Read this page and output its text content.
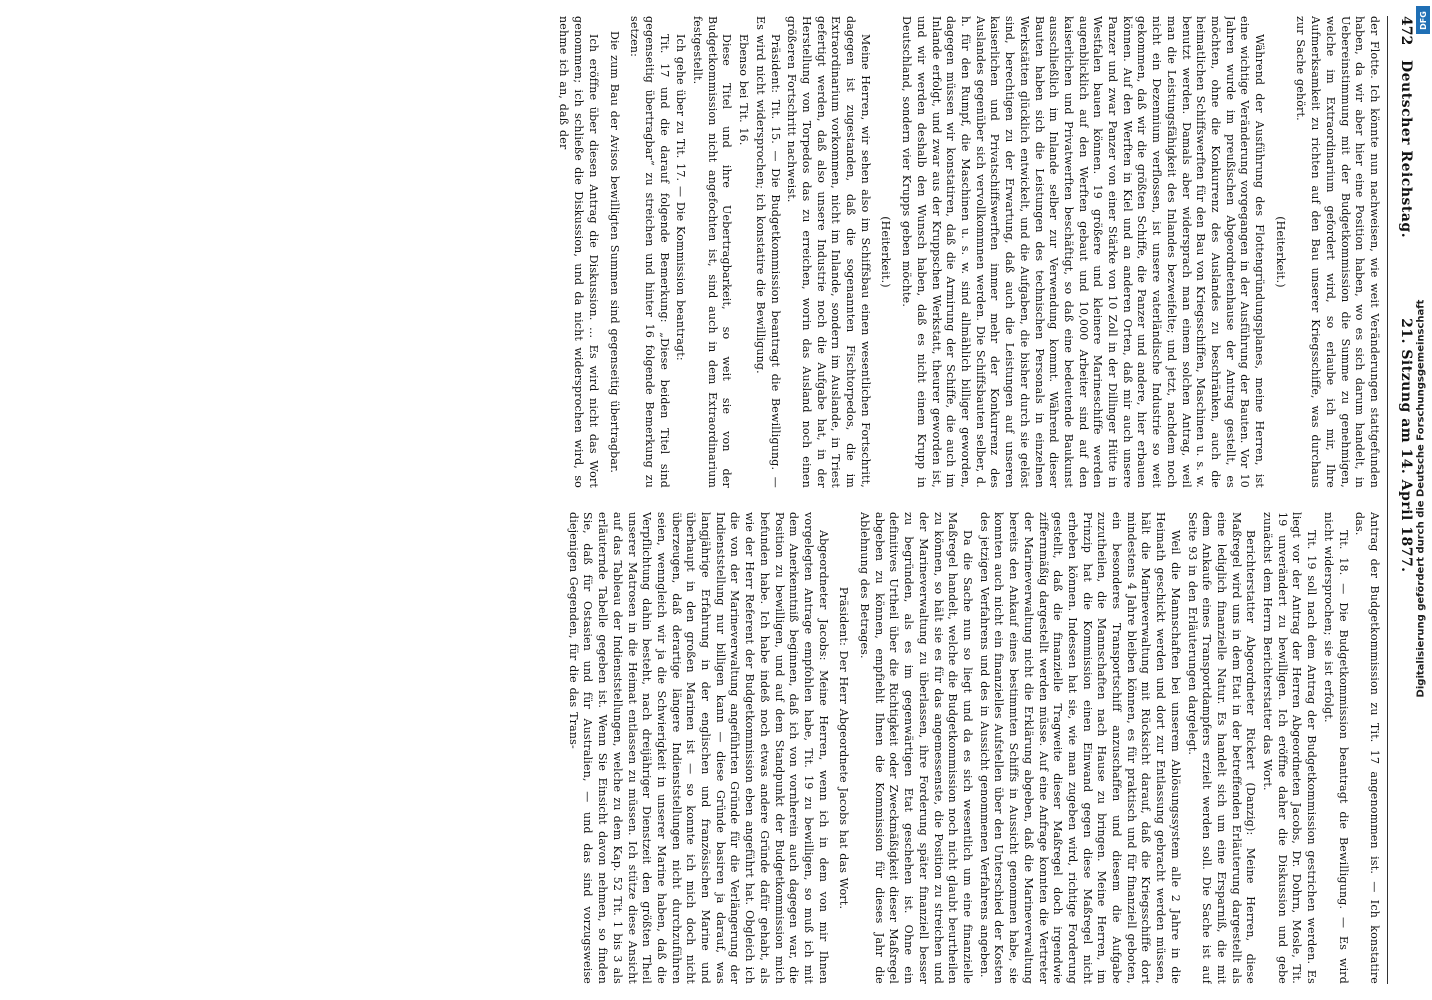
472
Deutscher Reichstag.
21. Sitzung am 14. April 1877.

der Flotte. Ich könnte nun nachweisen, wie weit Veränderungen stattgefunden haben, da wir aber hier eine Position haben, wo es sich darum handelt, in Uebereinstimmung mit der Budgetkommission die Summe zu genehmigen, welche im Extraordinarium gefordert wird, so erlaube ich mir, Ihre Aufmerksamkeit zu richten auf den Bau unserer Kriegsschiffe, was durchaus zur Sache gehört.

(Heiterkeit.)

Während der Ausführung des Flottengründungsplanes, meine Herren, ist eine wichtige Veränderung vorgegangen in der Ausführung der Bauten. Vor 10 Jahren wurde im preußischen Abgeordnetenhause der Antrag gestellt, es möchten, ohne die Konkurrenz des Auslandes zu beschränken, auch die heimatlichen Schiffswerften für den Bau von Kriegsschiffen, Maschinen u. s. w. benutzt werden. Damals aber widersprach man einem solchen Antrag, weil man die Leistungsfähigkeit des Inlandes bezweifelte; und jetzt, nachdem noch nicht ein Dezennium verflossen, ist unsere vaterländische Industrie so weit gekommen, daß wir die größten Schiffe, die Panzer und andere, hier erbauen können. Auf den Werften in Kiel und an anderen Orten, daß mir auch unsere Panzer und zwar Panzer von einer Stärke von 10 Zoll in der Dillinger Hütte in Westfalen bauen können. 19 größere und kleinere Marineschiffe werden augenblicklich auf den Werften gebaut und 10,000 Arbeiter sind auf den kaiserlichen und Privatwerften beschäftigt, so daß eine bedeutende Baukunst ausschließlich im Inlande selber zur Verwendung kommt. Während dieser Bauten haben sich die Leistungen des technischen Personals in einzelnen Werkstätten glücklich entwickelt, und die Aufgaben, die bisher durch sie gelöst sind, berechtigen zu der Erwartung, daß auch die Leistungen auf unseren kaiserlichen und Privatschiffswerften immer mehr der Konkurrenz des Auslandes gegenüber sich vervollkommnen werden. Die Schiffsbauten selber, d. h. für den Rumpf, die Maschinen u. s. w. sind allmählich billiger geworden, dagegen müssen wir konstatiren, daß die Armirung der Schiffe, die auch im Inlande erfolgt, und zwar aus der Kruppschen Werkstatt, theurer geworden ist, und wir werden deshalb den Wunsch haben, daß es nicht einem Krupp in Deutschland, sondern vier Krupps geben möchte.

(Heiterkeit.)

Meine Herren, wir sehen also im Schiffsbau einen wesentlichen Fortschritt, dagegen ist zugestanden, daß die sogenannten Fischtorpedos, die im Extraordinarium vorkommen, nicht im Inlande, sondern im Auslande, in Triest gefertigt werden, daß also unsere Industrie noch die Aufgabe hat, in der Herstellung von Torpedos das zu erreichen, worin das Ausland noch einen größeren Fortschritt nachweist.

Präsident: Tit. 15. — Die Budgetkommission beantragt die Bewilligung. — Es wird nicht widersprochen; ich konstatire die Bewilligung.

Ebenso bei Tit. 16.

Diese Titel und ihre Uebertragbarkeit, so weit sie von der Budgetkommission nicht angefochten ist, sind auch in dem Extraordinarium festgestellt.

Ich gehe über zu Tit. 17. — Die Kommission beantragt:

Tit. 17 und die darauf folgende Bemerkung: „Diese beiden Titel sind gegenseitig übertragbar“ zu streichen und hinter 16 folgende Bemerkung zu setzen:

Die zum Bau der Avisos bewilligten Summen sind gegenseitig übertragbar.

Ich eröffne über diesen Antrag die Diskussion. ... Es wird nicht das Wort genommen; ich schließe die Diskussion, und da nicht widersprochen wird, so nehme ich an, daß der

Antrag der Budgetkommission zu Tit. 17 angenommen ist. — Ich konstatire das.

Tit. 18. — Die Budgetkommission beantragt die Bewilligung. — Es wird nicht widersprochen; sie ist erfolgt.

Tit. 19 soll nach dem Antrag der Budgetkommission gestrichen werden. Es liegt vor der Antrag der Herren Abgeordneten Jacobs, Dr. Dohrn, Mosle, Tit. 19 unverändert zu bewilligen. Ich eröffne daher die Diskussion und gebe zunächst dem Herrn Berichterstatter das Wort.

Berichterstatter Abgeordneter Rickert (Danzig): Meine Herren, diese Maßregel wird uns in dem Etat in der betreffenden Erläuterung dargestellt als eine lediglich finanzielle Natur. Es handelt sich um eine Ersparniß, die mit dem Ankaufe eines Transportdampfers erzielt werden soll. Die Sache ist auf Seite 93 in den Erläuterungen dargelegt.

Weil die Mannschaften bei unserem Ablösungssystem alle 2 Jahre in die Heimath geschickt werden und dort zur Entlassung gebracht werden müssen, hält die Marineverwaltung mit Rücksicht darauf, daß die Kriegsschiffe dort mindestens 4 Jahre bleiben können, es für praktisch und für finanziell geboten, ein besonderes Transportschiff anzuschaffen und diesem die Aufgabe zuzutheilen, die Mannschaften nach Hause zu bringen. Meine Herren, im Prinzip hat die Kommission einen Einwand gegen diese Maßregel nicht erheben können. Indessen hat sie, wie man zugeben wird, richtige Forderung gestellt, daß die finanzielle Tragweite dieser Maßregel doch irgendwie ziffernmäßig dargestellt werden müsse. Auf eine Anfrage konnten die Vertreter der Marineverwaltung nicht die Erklärung abgeben, daß die Marineverwaltung bereits den Ankauf eines bestimmten Schiffs in Aussicht genommen habe, sie konnten auch nicht ein finanzielles Aufstellen über den Unterschied der Kosten des jetzigen Verfahrens und des in Aussicht genommenen Verfahrens angeben.

Da die Sache nun so liegt und da es sich wesentlich um eine finanzielle Maßregel handelt, welche die Budgetkommission noch nicht glaubt beurtheilen zu können, so hält sie es für das angemessenste, die Position zu streichen und der Marineverwaltung zu überlassen, ihre Forderung später finanziell besser zu begründen, als es im gegenwärtigen Etat geschehen ist. Ohne ein definitives Urtheil über die Richtigkeit oder Zweckmäßigkeit dieser Maßregel abgeben zu können, empfiehlt Ihnen die Kommission für dieses Jahr die Ablehnung des Betrages.

Präsident: Der Herr Abgeordnete Jacobs hat das Wort.

Abgeordneter Jacobs: Meine Herren, wenn ich in dem von mir Ihnen vorgelegten Antrage empfohlen habe, Tit. 19 zu bewilligen, so muß ich mit dem Anerkenntniß beginnen, daß ich von vornherein auch dagegen war, die Position zu bewilligen, und auf dem Standpunkt der Budgetkommission mich befunden habe. Ich habe indeß noch etwas andere Gründe dafür gehabt, als wie der Herr Referent der Budgetkommission eben angeführt hat. Obgleich ich die von der Marineverwaltung angeführten Gründe für die Verlängerung der Indienststellung nur billigen kann — diese Gründe basiren ja darauf, was langjährige Erfahrung in der englischen und französischen Marine und überhaupt in den großen Marinen ist — so konnte ich mich doch nicht überzeugen, daß derartige längere Indienststellungen nicht durchzuführen seien, wenngleich wir ja die Schwierigkeit in unserer Marine haben, daß die Verpflichtung dahin besteht, nach dreijähriger Dienstzeit den größten Theil unserer Matrosen in die Heimat entlassen zu müssen. Ich stütze diese Ansicht auf das Tableau der Indienststellungen, welche zu dem Kap. 52 Tit. 1 bis 3 als erläuternde Tabelle gegeben ist. Wenn Sie Einsicht davon nehmen, so finden Sie, daß für Ostasien und für Australien, — und das sind vorzugsweise diejenigen Gegenden, für die das Trans-

DFG
Digitalisierung gefördert durch die Deutsche Forschungsgemeinschaft
